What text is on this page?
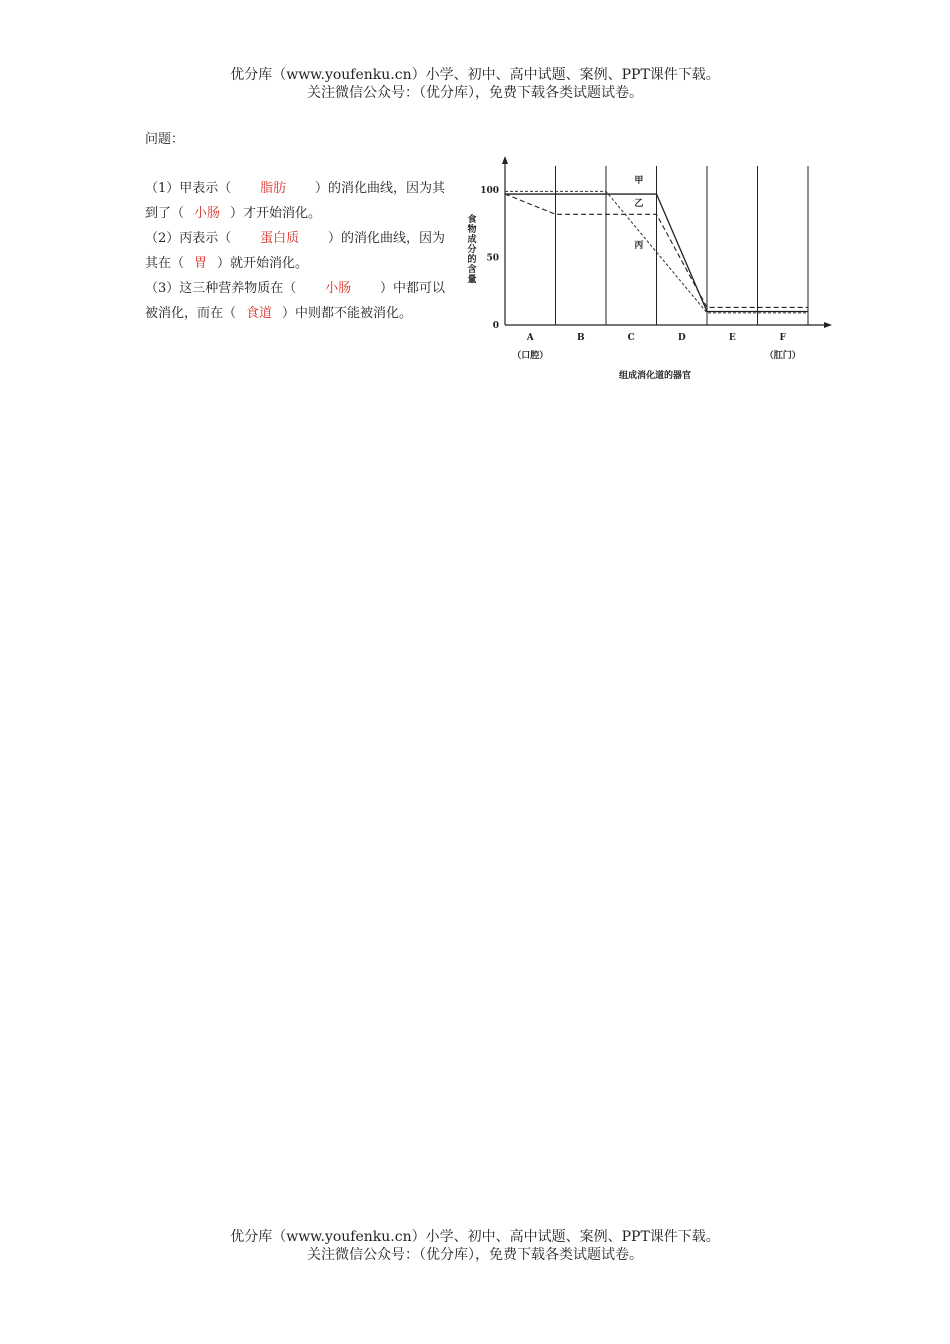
优分库（www.youfenku.cn）小学、初中、高中试题、案例、PPT课件下载。
关注微信公众号：（优分库），免费下载各类试题试卷。
问题：
（1）甲表示（	脂肪	）的消化曲线，因为其
到了（ 小肠 ）才开始消化。
（2）丙表示（	蛋白质	）的消化曲线，因为
其在（ 胃 ）就开始消化。
（3）这三种营养物质在（	小肠	）中都可以
被消化，而在（ 食道 ）中则都不能被消化。
0
50
100
A
（口腔）
B	C	D	E	F
（肛门）
组成消化道的器官
食物成分的含量
甲
乙
丙
优分库（www.youfenku.cn）小学、初中、高中试题、案例、PPT课件下载。
关注微信公众号：（优分库），免费下载各类试题试卷。
